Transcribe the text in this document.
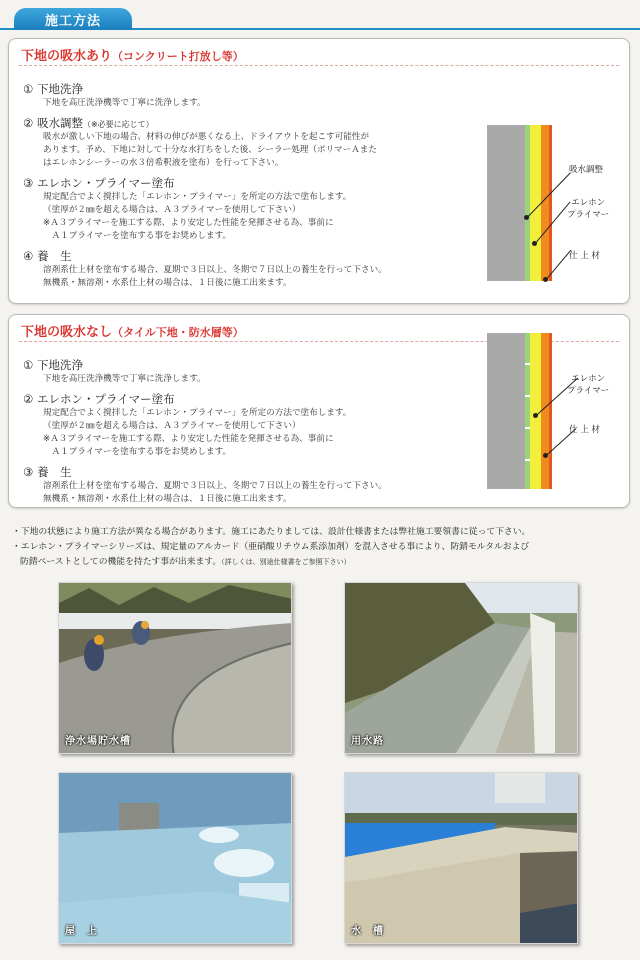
施工方法
下地の吸水あり（コンクリート打放し等）
① 下地洗浄
下地を高圧洗浄機等で丁寧に洗浄します。
② 吸水調整（※必要に応じて）
吸水が激しい下地の場合、材料の伸びが悪くなる上、ドライアウトを起こす可能性が
あります。予め、下地に対して十分な水打ちをした後、シーラー処理（ポリマーＡまた
はエレホンシーラーの水３倍希釈液を塗布）を行って下さい。
③ エレホン・プライマー塗布
規定配合でよく撹拌した「エレホン・プライマー」を所定の方法で塗布します。
（塗厚が２㎜を超える場合は、Ａ３プライマーを使用して下さい）
※Ａ３プライマーを施工する際、より安定した性能を発揮させる為、事前に
　Ａ１プライマーを塗布する事をお奨めします。
④ 養　生
溶剤系仕上材を塗布する場合、夏期で３日以上、冬期で７日以上の養生を行って下さい。
無機系・無溶剤・水系仕上材の場合は、１日後に施工出来ます。
吸水調整
エレホン
プライマー
仕 上 材
下地の吸水なし（タイル下地・防水層等）
① 下地洗浄
下地を高圧洗浄機等で丁寧に洗浄します。
② エレホン・プライマー塗布
規定配合でよく撹拌した「エレホン・プライマー」を所定の方法で塗布します。
（塗厚が２㎜を超える場合は、Ａ３プライマーを使用して下さい）
※Ａ３プライマーを施工する際、より安定した性能を発揮させる為、事前に
　Ａ１プライマーを塗布する事をお奨めします。
③ 養　生
溶剤系仕上材を塗布する場合、夏期で３日以上、冬期で７日以上の養生を行って下さい。
無機系・無溶剤・水系仕上材の場合は、１日後に施工出来ます。
エレホン
プライマー
仕 上 材
・下地の状態により施工方法が異なる場合があります。施工にあたりましては、設計仕様書または弊社施工要領書に従って下さい。
・エレホン・プライマーシリーズは、規定量のアルカード（亜硝酸リチウム系添加剤）を混入させる事により、防錆モルタルおよび
防錆ペーストとしての機能を持たす事が出来ます。（詳しくは、別途仕様書をご参照下さい）
浄水場貯水槽	用水路
屋　上	水　槽
